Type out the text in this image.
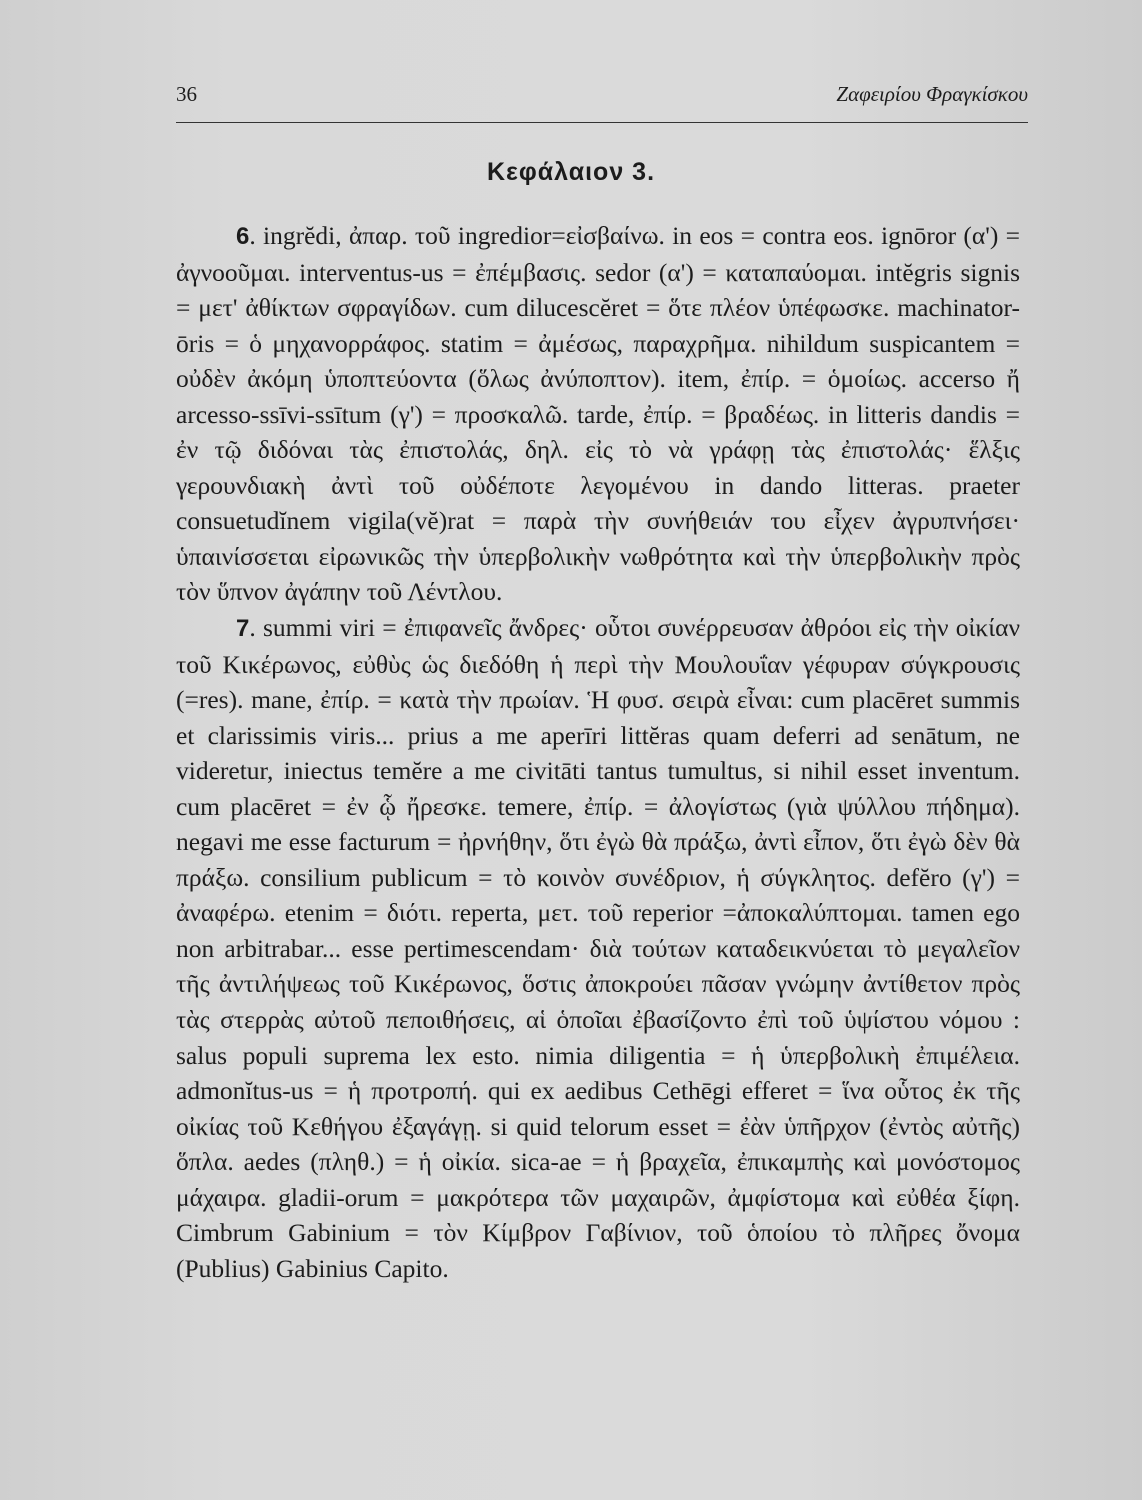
36	Ζαφειρίου Φραγκίσκου
Κεφάλαιον 3.

6. ingrĕdi, ἀπαρ. τοῦ ingredior=εἰσβαίνω. in eos = contra eos. ignōror (α') = ἀγνοοῦμαι. interventus-us = ἐπέμβασις. sedor (α') = καταπαύομαι. intĕgris signis = μετ' ἀθίκτων σφραγίδων. cum dilucescĕret = ὅτε πλέον ὑπέφωσκε. machinator-ōris = ὁ μηχανορράφος. statim = ἀμέσως, παραχρῆμα. nihildum suspicantem = οὐδὲν ἀκόμη ὑποπτεύοντα (ὅλως ἀνύποπτον). item, ἐπίρ. = ὁμοίως. accerso ἤ arcesso-ssīvi-ssītum (γ') = προσκαλῶ. tarde, ἐπίρ. = βραδέως. in litteris dandis = ἐν τῷ διδόναι τὰς ἐπιστολάς, δηλ. εἰς τὸ νὰ γράφῃ τὰς ἐπιστολάς· ἕλξις γερουνδιακὴ ἀντὶ τοῦ οὐδέποτε λεγομένου in dando litteras. praeter consuetudĭnem vigila(vĕ)rat = παρὰ τὴν συνήθειάν του εἶχεν ἀγρυπνήσει· ὑπαινίσσεται εἰρωνικῶς τὴν ὑπερβολικὴν νωθρότητα καὶ τὴν ὑπερβολικὴν πρὸς τὸν ὕπνον ἀγάπην τοῦ Λέντλου.

7. summi viri = ἐπιφανεῖς ἄνδρες· οὗτοι συνέρρευσαν ἀθρόοι εἰς τὴν οἰκίαν τοῦ Κικέρωνος, εὐθὺς ὡς διεδόθη ἡ περὶ τὴν Μουλουΐαν γέφυραν σύγκρουσις (=res). mane, ἐπίρ. = κατὰ τὴν πρωίαν. Ἡ φυσ. σειρὰ εἶναι: cum placēret summis et clarissimis viris... prius a me aperīri littĕras quam deferri ad senātum, ne videretur, iniectus temĕre a me civitāti tantus tumultus, si nihil esset inventum. cum placēret = ἐν ᾧ ἤρεσκε. temere, ἐπίρ. = ἀλογίστως (γιὰ ψύλλου πήδημα). negavi me esse facturum = ἠρνήθην, ὅτι ἐγὼ θὰ πράξω, ἀντὶ εἶπον, ὅτι ἐγὼ δὲν θὰ πράξω. consilium publicum = τὸ κοινὸν συνέδριον, ἡ σύγκλητος. defĕro (γ') = ἀναφέρω. etenim = διότι. reperta, μετ. τοῦ reperior =ἀποκαλύπτομαι. tamen ego non arbitrabar... esse pertimescendam· διὰ τούτων καταδεικνύεται τὸ μεγαλεῖον τῆς ἀντιλήψεως τοῦ Κικέρωνος, ὅστις ἀποκρούει πᾶσαν γνώμην ἀντίθετον πρὸς τὰς στερρὰς αὐτοῦ πεποιθήσεις, αἱ ὁποῖαι ἐβασίζοντο ἐπὶ τοῦ ὑψίστου νόμου : salus populi suprema lex esto. nimia diligentia = ἡ ὑπερβολικὴ ἐπιμέλεια. admonĭtus-us = ἡ προτροπή. qui ex aedibus Cethēgi efferet = ἵνα οὗτος ἐκ τῆς οἰκίας τοῦ Κεθήγου ἐξαγάγῃ. si quid telorum esset = ἐὰν ὑπῆρχον (ἐντὸς αὐτῆς) ὅπλα. aedes (πληθ.) = ἡ οἰκία. sica-ae = ἡ βραχεῖα, ἐπικαμπὴς καὶ μονόστομος μάχαιρα. gladii-orum = μακρότερα τῶν μαχαιρῶν, ἀμφίστομα καὶ εὐθέα ξίφη. Cimbrum Gabinium = τὸν Κίμβρον Γαβίνιον, τοῦ ὁποίου τὸ πλῆρες ὄνομα (Publius) Gabinius Capito.
